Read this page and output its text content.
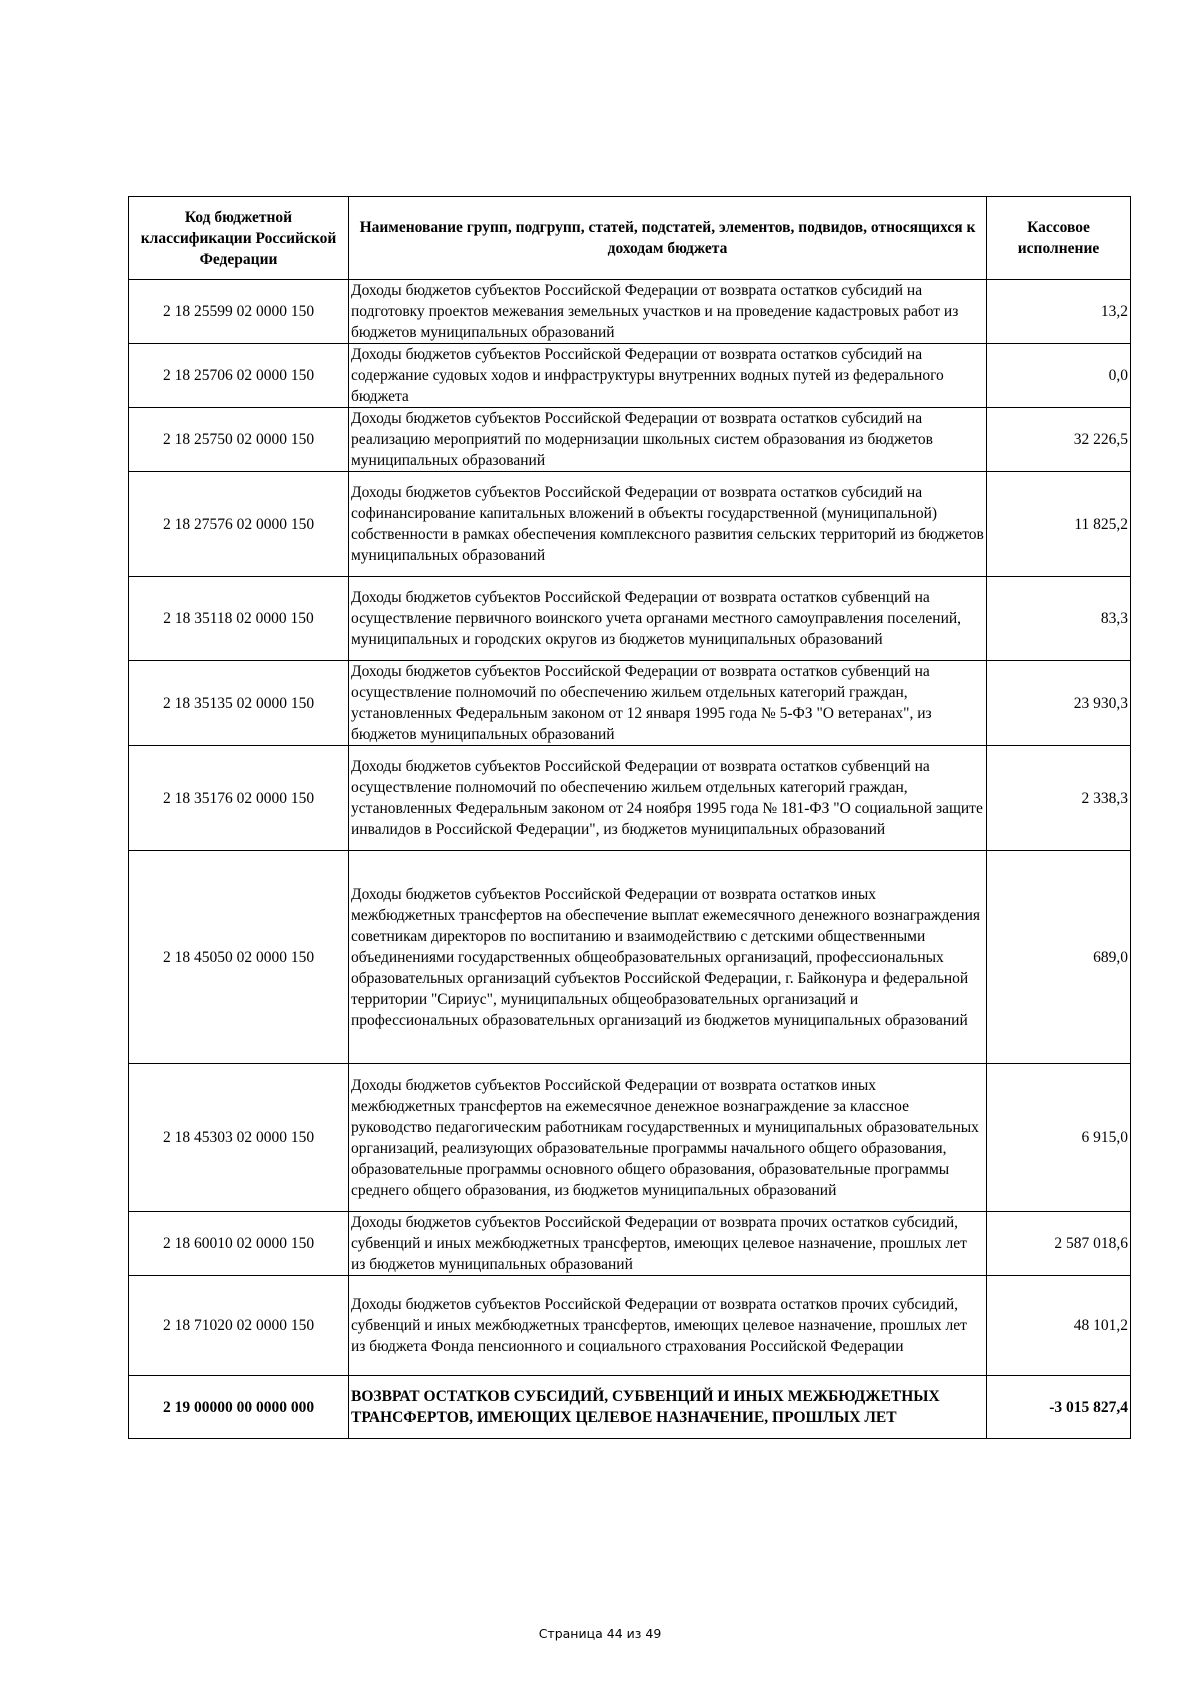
Код бюджетной классификации Российской Федерации	Наименование групп, подгрупп, статей, подстатей, элементов, подвидов, относящихся к доходам бюджета	Кассовое исполнение
2 18 25599 02 0000 150	Доходы бюджетов субъектов Российской Федерации от возврата остатков субсидий на подготовку проектов межевания земельных участков и на проведение кадастровых работ из бюджетов муниципальных образований	13,2
2 18 25706 02 0000 150	Доходы бюджетов субъектов Российской Федерации от возврата остатков субсидий на содержание судовых ходов и инфраструктуры внутренних водных путей из федерального бюджета	0,0
2 18 25750 02 0000 150	Доходы бюджетов субъектов Российской Федерации от возврата остатков субсидий на реализацию мероприятий по модернизации школьных систем образования из бюджетов муниципальных образований	32 226,5
2 18 27576 02 0000 150	Доходы бюджетов субъектов Российской Федерации от возврата остатков субсидий на софинансирование капитальных вложений в объекты государственной (муниципальной) собственности в рамках обеспечения комплексного развития сельских территорий из бюджетов муниципальных образований	11 825,2
2 18 35118 02 0000 150	Доходы бюджетов субъектов Российской Федерации от возврата остатков субвенций на осуществление первичного воинского учета органами местного самоуправления поселений, муниципальных и городских округов из бюджетов муниципальных образований	83,3
2 18 35135 02 0000 150	Доходы бюджетов субъектов Российской Федерации от возврата остатков субвенций на осуществление полномочий по обеспечению жильем отдельных категорий граждан, установленных Федеральным законом от 12 января 1995 года № 5-ФЗ "О ветеранах", из бюджетов муниципальных образований	23 930,3
2 18 35176 02 0000 150	Доходы бюджетов субъектов Российской Федерации от возврата остатков субвенций на осуществление полномочий по обеспечению жильем отдельных категорий граждан, установленных Федеральным законом от 24 ноября 1995 года № 181-ФЗ "О социальной защите инвалидов в Российской Федерации", из бюджетов муниципальных образований	2 338,3
2 18 45050 02 0000 150	Доходы бюджетов субъектов Российской Федерации от возврата остатков иных межбюджетных трансфертов на обеспечение выплат ежемесячного денежного вознаграждения советникам директоров по воспитанию и взаимодействию с детскими общественными объединениями государственных общеобразовательных организаций, профессиональных образовательных организаций субъектов Российской Федерации, г. Байконура и федеральной территории "Сириус", муниципальных общеобразовательных организаций и профессиональных образовательных организаций из бюджетов муниципальных образований	689,0
2 18 45303 02 0000 150	Доходы бюджетов субъектов Российской Федерации от возврата остатков иных межбюджетных трансфертов на ежемесячное денежное вознаграждение за классное руководство педагогическим работникам государственных и муниципальных образовательных организаций, реализующих образовательные программы начального общего образования, образовательные программы основного общего образования, образовательные программы среднего общего образования, из бюджетов муниципальных образований	6 915,0
2 18 60010 02 0000 150	Доходы бюджетов субъектов Российской Федерации от возврата прочих остатков субсидий, субвенций и иных межбюджетных трансфертов, имеющих целевое назначение, прошлых лет из бюджетов муниципальных образований	2 587 018,6
2 18 71020 02 0000 150	Доходы бюджетов субъектов Российской Федерации от возврата остатков прочих субсидий, субвенций и иных межбюджетных трансфертов, имеющих целевое назначение, прошлых лет из бюджета Фонда пенсионного и социального страхования Российской Федерации	48 101,2
2 19 00000 00 0000 000	ВОЗВРАТ ОСТАТКОВ СУБСИДИЙ, СУБВЕНЦИЙ И ИНЫХ МЕЖБЮДЖЕТНЫХ ТРАНСФЕРТОВ, ИМЕЮЩИХ ЦЕЛЕВОЕ НАЗНАЧЕНИЕ, ПРОШЛЫХ ЛЕТ	-3 015 827,4
Страница 44 из 49
